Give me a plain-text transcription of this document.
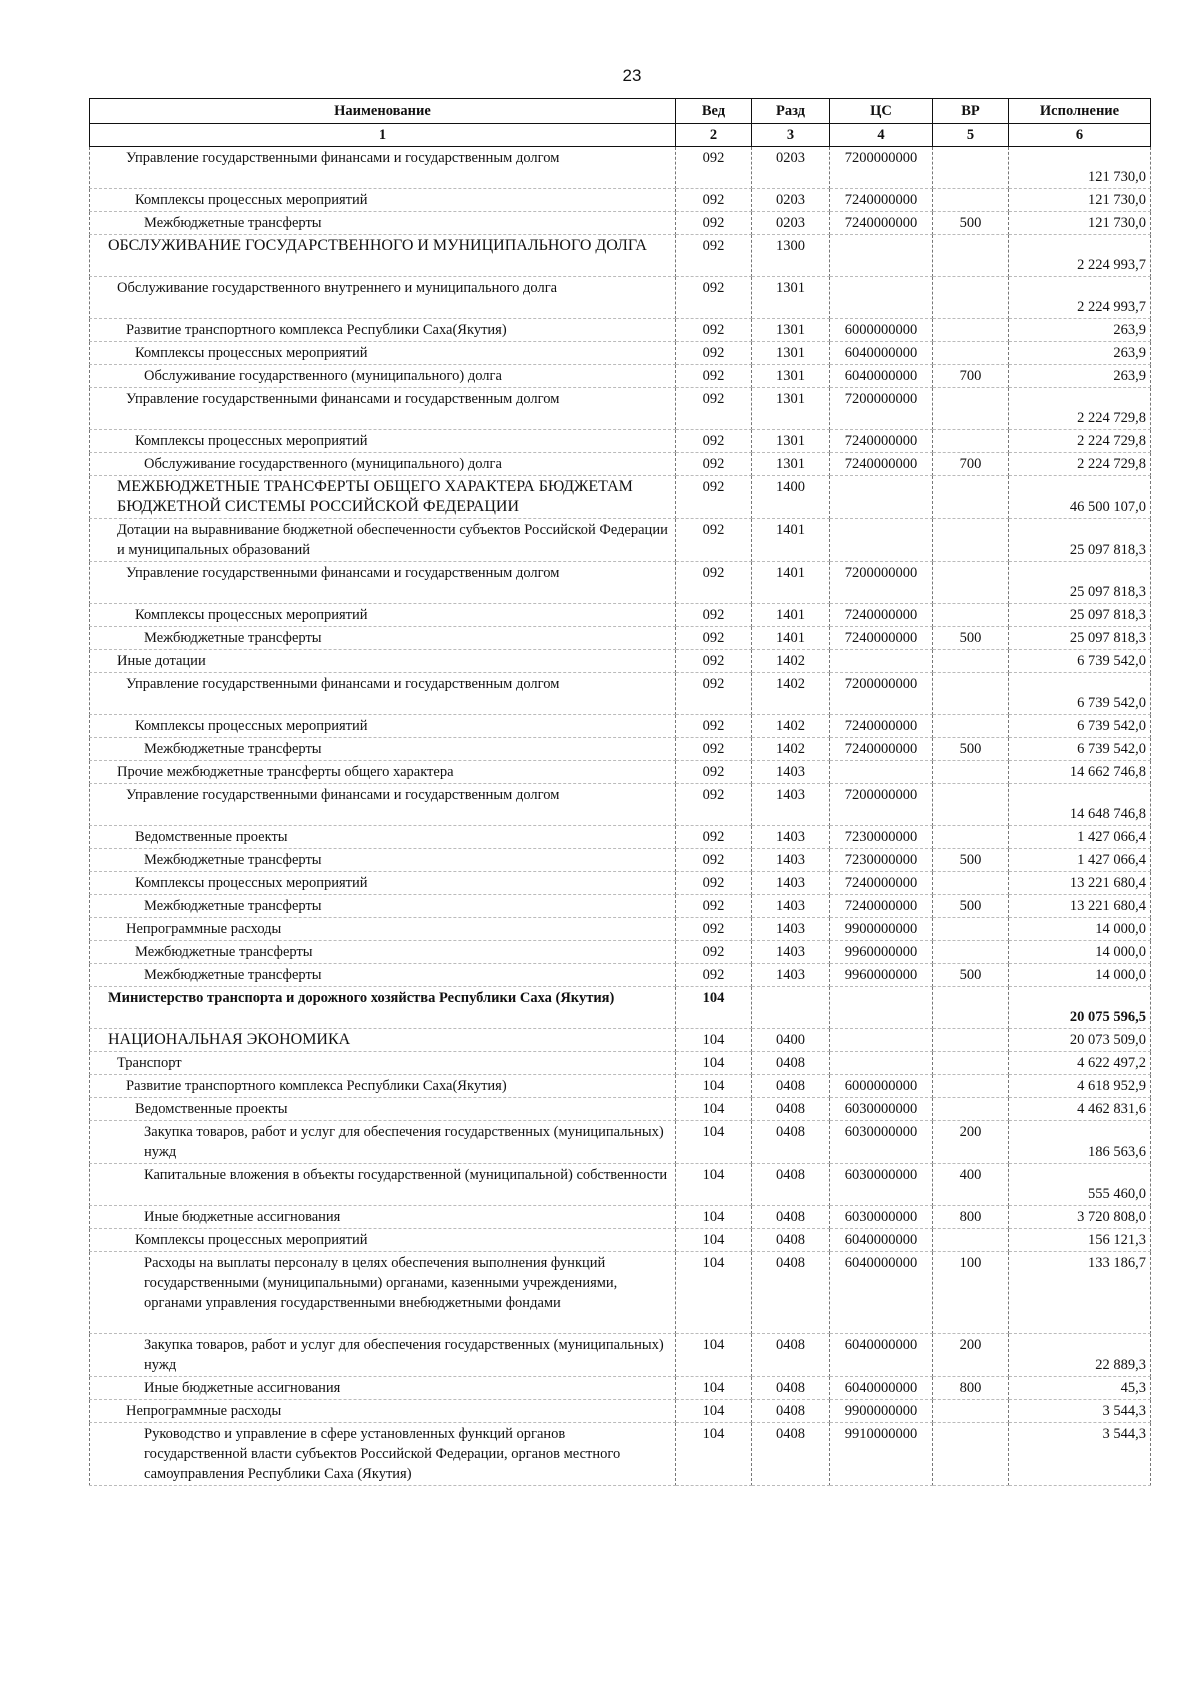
23
Наименование	Вед	Разд	ЦС	ВР	Исполнение
1	2	3	4	5	6
Управление государственными финансами и государственным долгом	092	0203	7200000000		121 730,0
Комплексы процессных мероприятий	092	0203	7240000000		121 730,0
Межбюджетные трансферты	092	0203	7240000000	500	121 730,0
ОБСЛУЖИВАНИЕ ГОСУДАРСТВЕННОГО И МУНИЦИПАЛЬНОГО ДОЛГА	092	1300			2 224 993,7
Обслуживание государственного внутреннего и муниципального долга	092	1301			2 224 993,7
Развитие транспортного комплекса Республики Саха(Якутия)	092	1301	6000000000		263,9
Комплексы процессных мероприятий	092	1301	6040000000		263,9
Обслуживание государственного (муниципального) долга	092	1301	6040000000	700	263,9
Управление государственными финансами и государственным долгом	092	1301	7200000000		2 224 729,8
Комплексы процессных мероприятий	092	1301	7240000000		2 224 729,8
Обслуживание государственного (муниципального) долга	092	1301	7240000000	700	2 224 729,8
МЕЖБЮДЖЕТНЫЕ ТРАНСФЕРТЫ ОБЩЕГО ХАРАКТЕРА БЮДЖЕТАМ БЮДЖЕТНОЙ СИСТЕМЫ РОССИЙСКОЙ ФЕДЕРАЦИИ	092	1400			46 500 107,0
Дотации на выравнивание бюджетной обеспеченности субъектов Российской Федерации и муниципальных образований	092	1401			25 097 818,3
Управление государственными финансами и государственным долгом	092	1401	7200000000		25 097 818,3
Комплексы процессных мероприятий	092	1401	7240000000		25 097 818,3
Межбюджетные трансферты	092	1401	7240000000	500	25 097 818,3
Иные дотации	092	1402			6 739 542,0
Управление государственными финансами и государственным долгом	092	1402	7200000000		6 739 542,0
Комплексы процессных мероприятий	092	1402	7240000000		6 739 542,0
Межбюджетные трансферты	092	1402	7240000000	500	6 739 542,0
Прочие межбюджетные трансферты общего характера	092	1403			14 662 746,8
Управление государственными финансами и государственным долгом	092	1403	7200000000		14 648 746,8
Ведомственные проекты	092	1403	7230000000		1 427 066,4
Межбюджетные трансферты	092	1403	7230000000	500	1 427 066,4
Комплексы процессных мероприятий	092	1403	7240000000		13 221 680,4
Межбюджетные трансферты	092	1403	7240000000	500	13 221 680,4
Непрограммные расходы	092	1403	9900000000		14 000,0
Межбюджетные трансферты	092	1403	9960000000		14 000,0
Межбюджетные трансферты	092	1403	9960000000	500	14 000,0
Министерство транспорта и дорожного хозяйства Республики Саха (Якутия)	104				20 075 596,5
НАЦИОНАЛЬНАЯ ЭКОНОМИКА	104	0400			20 073 509,0
Транспорт	104	0408			4 622 497,2
Развитие транспортного комплекса Республики Саха(Якутия)	104	0408	6000000000		4 618 952,9
Ведомственные проекты	104	0408	6030000000		4 462 831,6
Закупка товаров, работ и услуг для обеспечения государственных (муниципальных) нужд	104	0408	6030000000	200	186 563,6
Капитальные вложения в объекты государственной (муниципальной) собственности	104	0408	6030000000	400	555 460,0
Иные бюджетные ассигнования	104	0408	6030000000	800	3 720 808,0
Комплексы процессных мероприятий	104	0408	6040000000		156 121,3
Расходы на выплаты персоналу в целях обеспечения выполнения функций государственными (муниципальными) органами, казенными учреждениями, органами управления государственными внебюджетными фондами	104	0408	6040000000	100	133 186,7
Закупка товаров, работ и услуг для обеспечения государственных (муниципальных) нужд	104	0408	6040000000	200	22 889,3
Иные бюджетные ассигнования	104	0408	6040000000	800	45,3
Непрограммные расходы	104	0408	9900000000		3 544,3
Руководство и управление в сфере установленных функций органов государственной власти субъектов Российской Федерации, органов местного самоуправления Республики Саха (Якутия)	104	0408	9910000000		3 544,3
